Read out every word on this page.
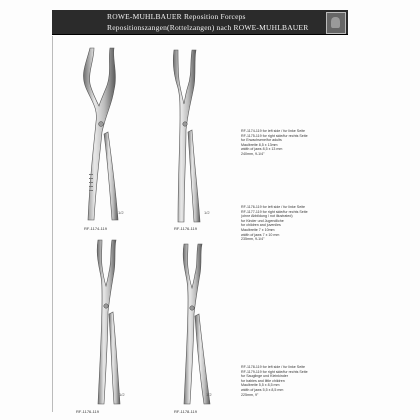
ROWE-MUHLBAUER Reposition Forceps
Repositionszangen(Rottelzangen) nach ROWE-MUHLBAUER
RF-1174-119
1/2
RF-1176-119
1/2
RF-1176-119
1/2
RF-1178-119
1/2
RF-1174-119 for left side / fur linke Seite
RF-1175-119 for right side/fur rechts Seite
fur Erwachsene/for adults
Maulbreite 8,5 x 13mm
width of jaws 8,5 x 13 mm
240mm, 9-1/4"
RF-1176-119 for left side / fur linke Seite
RF-1177-119 for right side/fur rechts Seite
(ohne Abbildung / not illustrated)
fur Kinder und Jugendliche
for children and juveniles
Maulbreite 7 x 10mm
width of jaws 7 x 10 mm
235mm, 9-1/4"
RF-1178-119 for left side / fur linke Seite
RF-1179-119 for right side/fur rechts Seite
fur Sauglinge und Kleinkinder
for babies and little children
Maulbreite 5,5 x 8,5 mm
width of jaws 5,5 x 8,5 mm
225mm, 9"
